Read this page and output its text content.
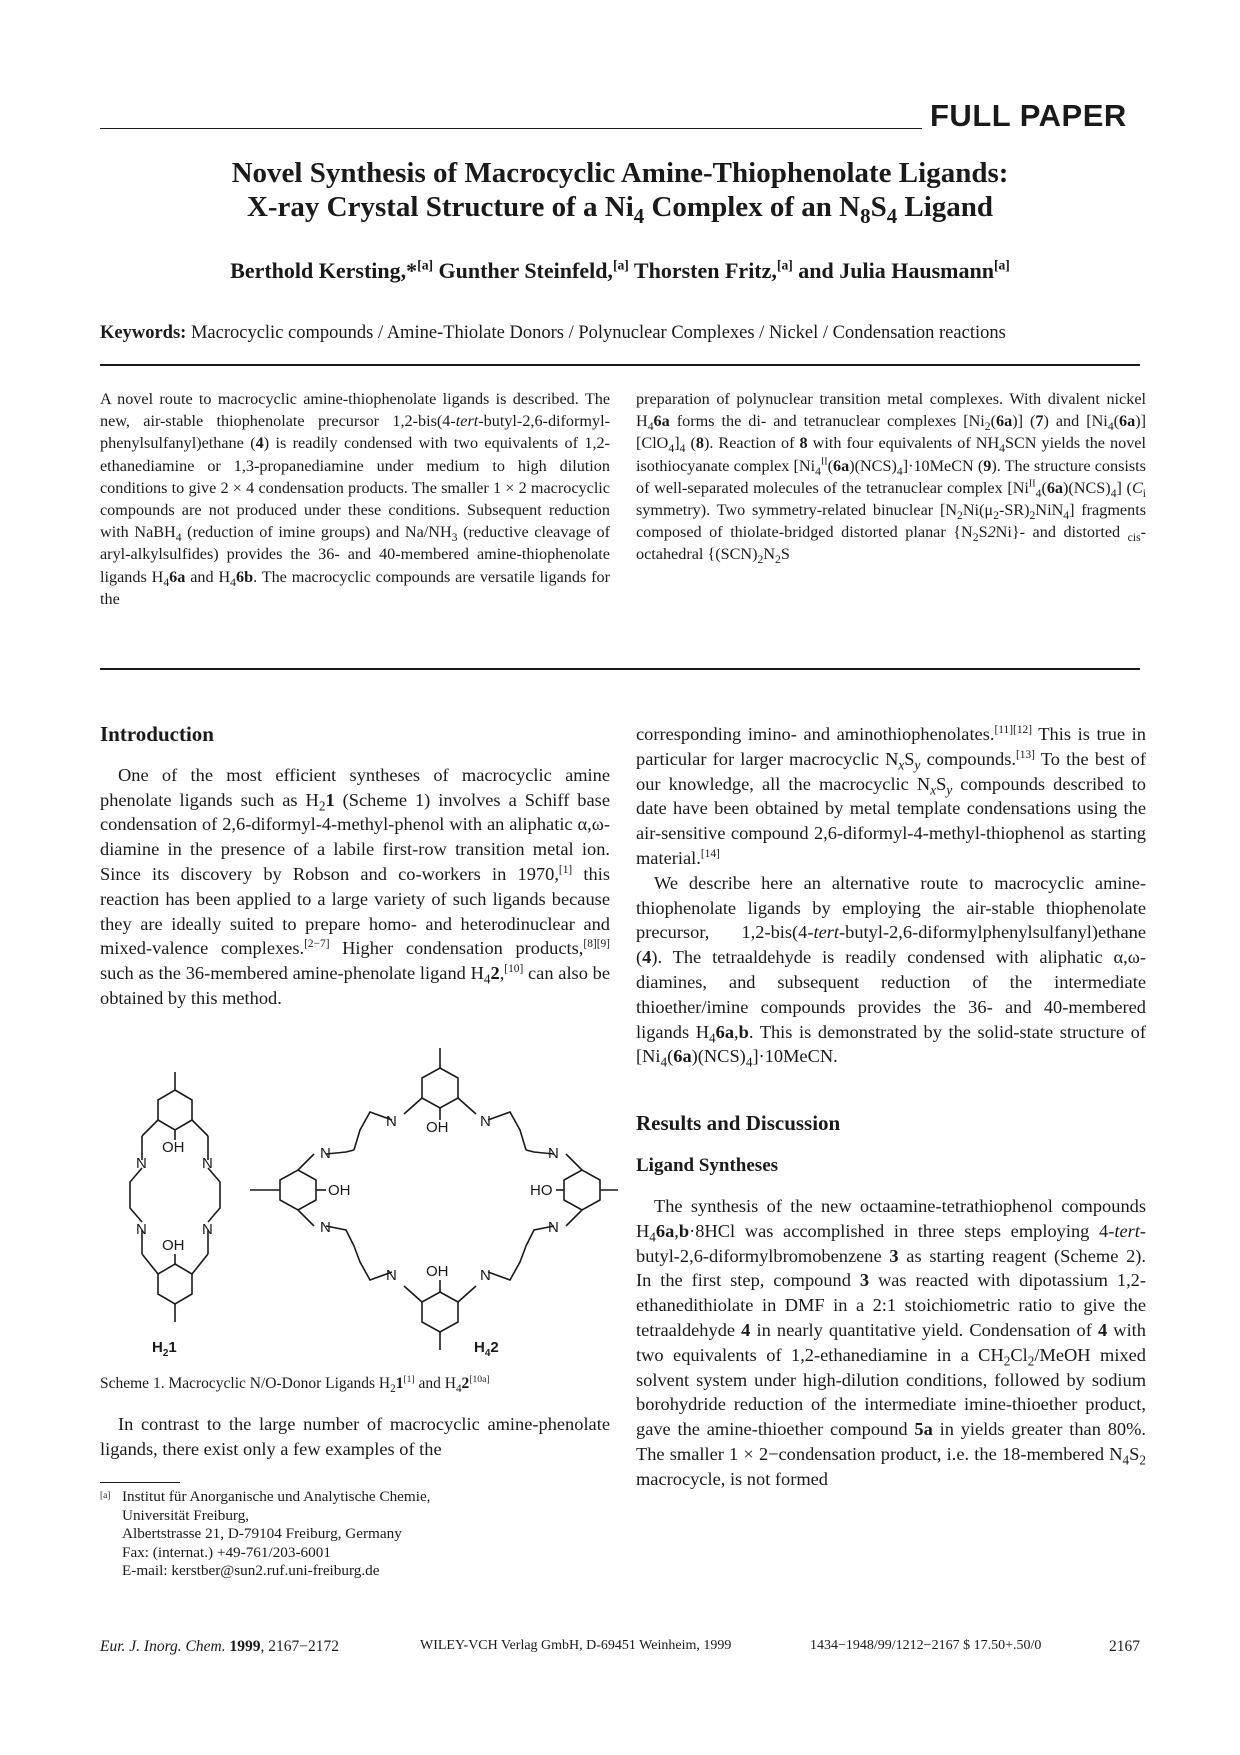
FULL PAPER
Novel Synthesis of Macrocyclic Amine-Thiophenolate Ligands:
X-ray Crystal Structure of a $Ni_4$ Complex of an $N_8S_4$ Ligand
Berthold Kersting,*[a] Gunther Steinfeld,[a] Thorsten Fritz,[a] and Julia Hausmann[a]
Keywords: Macrocyclic compounds / Amine-Thiolate Donors / Polynuclear Complexes / Nickel / Condensation reactions
A novel route to macrocyclic amine-thiophenolate ligands is described. The new, air-stable thiophenolate precursor 1,2-bis(4-tert-butyl-2,6-diformyl-phenylsulfanyl)ethane (4) is readily condensed with two equivalents of 1,2-ethanediamine or 1,3-propanediamine under medium to high dilution conditions to give 2 × 4 condensation products. The smaller 1 × 2 macrocyclic compounds are not produced under these conditions. Subsequent reduction with NaBH$_4$ (reduction of imine groups) and $Na/NH_3$ (reductive cleavage of aryl-alkylsulfides) provides the 36- and 40-membered amine-thiophenolate ligands $H_46a$ and $H_46b$. The macrocyclic compounds are versatile ligands for the
preparation of polynuclear transition metal complexes. With divalent nickel $H_46a$ forms the di- and tetranuclear complexes $[Ni_2(6a)]$ (7) and $[Ni_4(6a)][ClO_4]_4$ (8). Reaction of 8 with four equivalents of $NH_4SCN$ yields the novel isothiocyanate complex $[Ni_4^{II}(6a)(NCS)_4]\cdot 10MeCN$ (9). The structure consists of well-separated molecules of the tetranuclear complex $[Ni^{II}_4(6a)(NCS)_4]$ ($C_i$ symmetry). Two symmetry-related binuclear $[N_2Ni(\mu_2-SR)_2NiN_4]$ fragments composed of thiolate-bridged distorted planar $\{N_2S2Ni\}-$ and distorted $_{cis}$-octahedral {$(SCN)_2N_2S$
Introduction

One of the most efficient syntheses of macrocyclic amine phenolate ligands such as $H_21$ (Scheme 1) involves a Schiff base condensation of 2,6-diformyl-4-methyl-phenol with an aliphatic α,ω-diamine in the presence of a labile first-row transition metal ion. Since its discovery by Robson and co-workers in 1970,[1] this reaction has been applied to a large variety of such ligands because they are ideally suited to prepare homo- and heterodinuclear and mixed-valence complexes.[2−7] Higher condensation products,[8][9] such as the 36-membered amine-phenolate ligand $H_42,[10]$ can also be obtained by this method.

N
N
OH
OH
N
N
N
N OH
OH	HO
N	N
N	N
N	N
OH
$H_21$	$H_42$
Scheme 1. Macrocyclic N/O-Donor Ligands $H_21[1]$ and $H_42[10a]$

In contrast to the large number of macrocyclic amine-phenolate ligands, there exist only a few examples of the

[a] Institut für Anorganische und Analytische Chemie,
Universität Freiburg,
Albertstrasse 21, D-79104 Freiburg, Germany
Fax: (internat.) +49-761/203-6001
E-mail: kerstber@sun2.ruf.uni-freiburg.de

corresponding imino- and aminothiophenolates.[11][12] This is true in particular for larger macrocyclic $N_xS_y$ compounds.[13] To the best of our knowledge, all the macrocyclic $N_xS_y$ compounds described to date have been obtained by metal template condensations using the air-sensitive compound 2,6-diformyl-4-methyl-thiophenol as starting material.[14]

We describe here an alternative route to macrocyclic amine-thiophenolate ligands by employing the air-stable thiophenolate precursor, 1,2-bis(4-tert-butyl-2,6-diformylphenylsulfanyl)ethane (4). The tetraaldehyde is readily condensed with aliphatic α,ω-diamines, and subsequent reduction of the intermediate thioether/imine compounds provides the 36- and 40-membered ligands $H_46a,b$. This is demonstrated by the solid-state structure of $[Ni_4(6a)(NCS)_4]\cdot 10MeCN$.

Results and Discussion
Ligand Syntheses

The synthesis of the new octaamine-tetrathiophenol compounds $H_46a,b\cdot 8HCl$ was accomplished in three steps employing 4-tert-butyl-2,6-diformylbromobenzene 3 as starting reagent (Scheme 2). In the first step, compound 3 was reacted with dipotassium 1,2-ethanedithiolate in DMF in a 2:1 stoichiometric ratio to give the tetraaldehyde 4 in nearly quantitative yield. Condensation of 4 with two equivalents of 1,2-ethanediamine in a $CH_2Cl_2$/MeOH mixed solvent system under high-dilution conditions, followed by sodium borohydride reduction of the intermediate imine-thioether product, gave the amine-thioether compound 5a in yields greater than 80%. The smaller 1 × 2−condensation product, i.e. the 18-membered $N_4S_2$ macrocycle, is not formed

Eur. J. Inorg. Chem. 1999, 2167−2172	WILEY-VCH Verlag GmbH, D-69451 Weinheim, 1999	1434−1948/99/1212−2167 $ 17.50+.50/0	2167
